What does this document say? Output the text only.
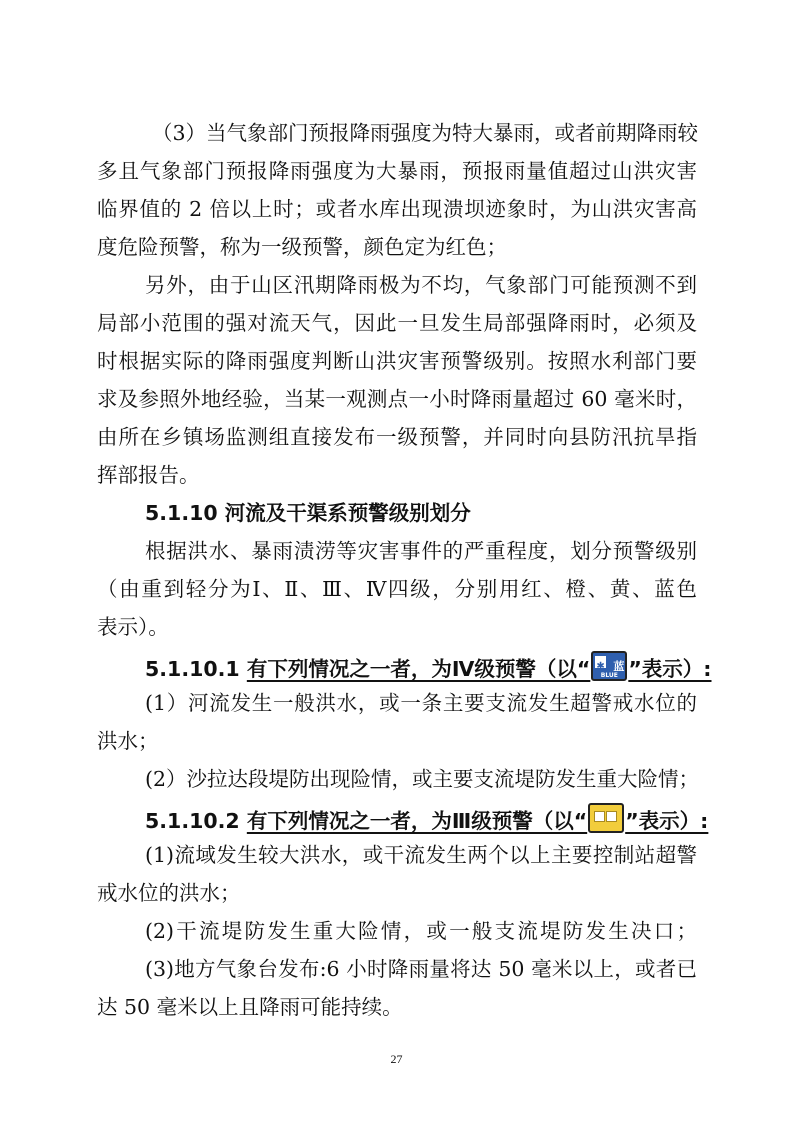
（3）当气象部门预报降雨强度为特大暴雨，或者前期降雨较
多且气象部门预报降雨强度为大暴雨，预报雨量值超过山洪灾害
临界值的 2 倍以上时；或者水库出现溃坝迹象时，为山洪灾害高
度危险预警，称为一级预警，颜色定为红色；
另外，由于山区汛期降雨极为不均，气象部门可能预测不到
局部小范围的强对流天气，因此一旦发生局部强降雨时，必须及
时根据实际的降雨强度判断山洪灾害预警级别。按照水利部门要
求及参照外地经验，当某一观测点一小时降雨量超过 60 毫米时，
由所在乡镇场监测组直接发布一级预警，并同时向县防汛抗旱指
挥部报告。
5.1.10 河流及干渠系预警级别划分
根据洪水、暴雨渍涝等灾害事件的严重程度，划分预警级别
（由重到轻分为Ⅰ、Ⅱ、Ⅲ、Ⅳ四级，分别用红、橙、黄、蓝色
表示）。
5.1.10.1 有下列情况之一者，为Ⅳ级预警（以“
✱ 蓝
BLUE ”表示）:
(1）河流发生一般洪水，或一条主要支流发生超警戒水位的
洪水；
(2）沙拉达段堤防出现险情，或主要支流堤防发生重大险情；
5.1.10.2 有下列情况之一者，为Ⅲ级预警（以“ ”表示）:
(1)流域发生较大洪水，或干流发生两个以上主要控制站超警
戒水位的洪水；
(2)干流堤防发生重大险情，或一般支流堤防发生决口；
(3)地方气象台发布:6 小时降雨量将达 50 毫米以上，或者已
达 50 毫米以上且降雨可能持续。
27
